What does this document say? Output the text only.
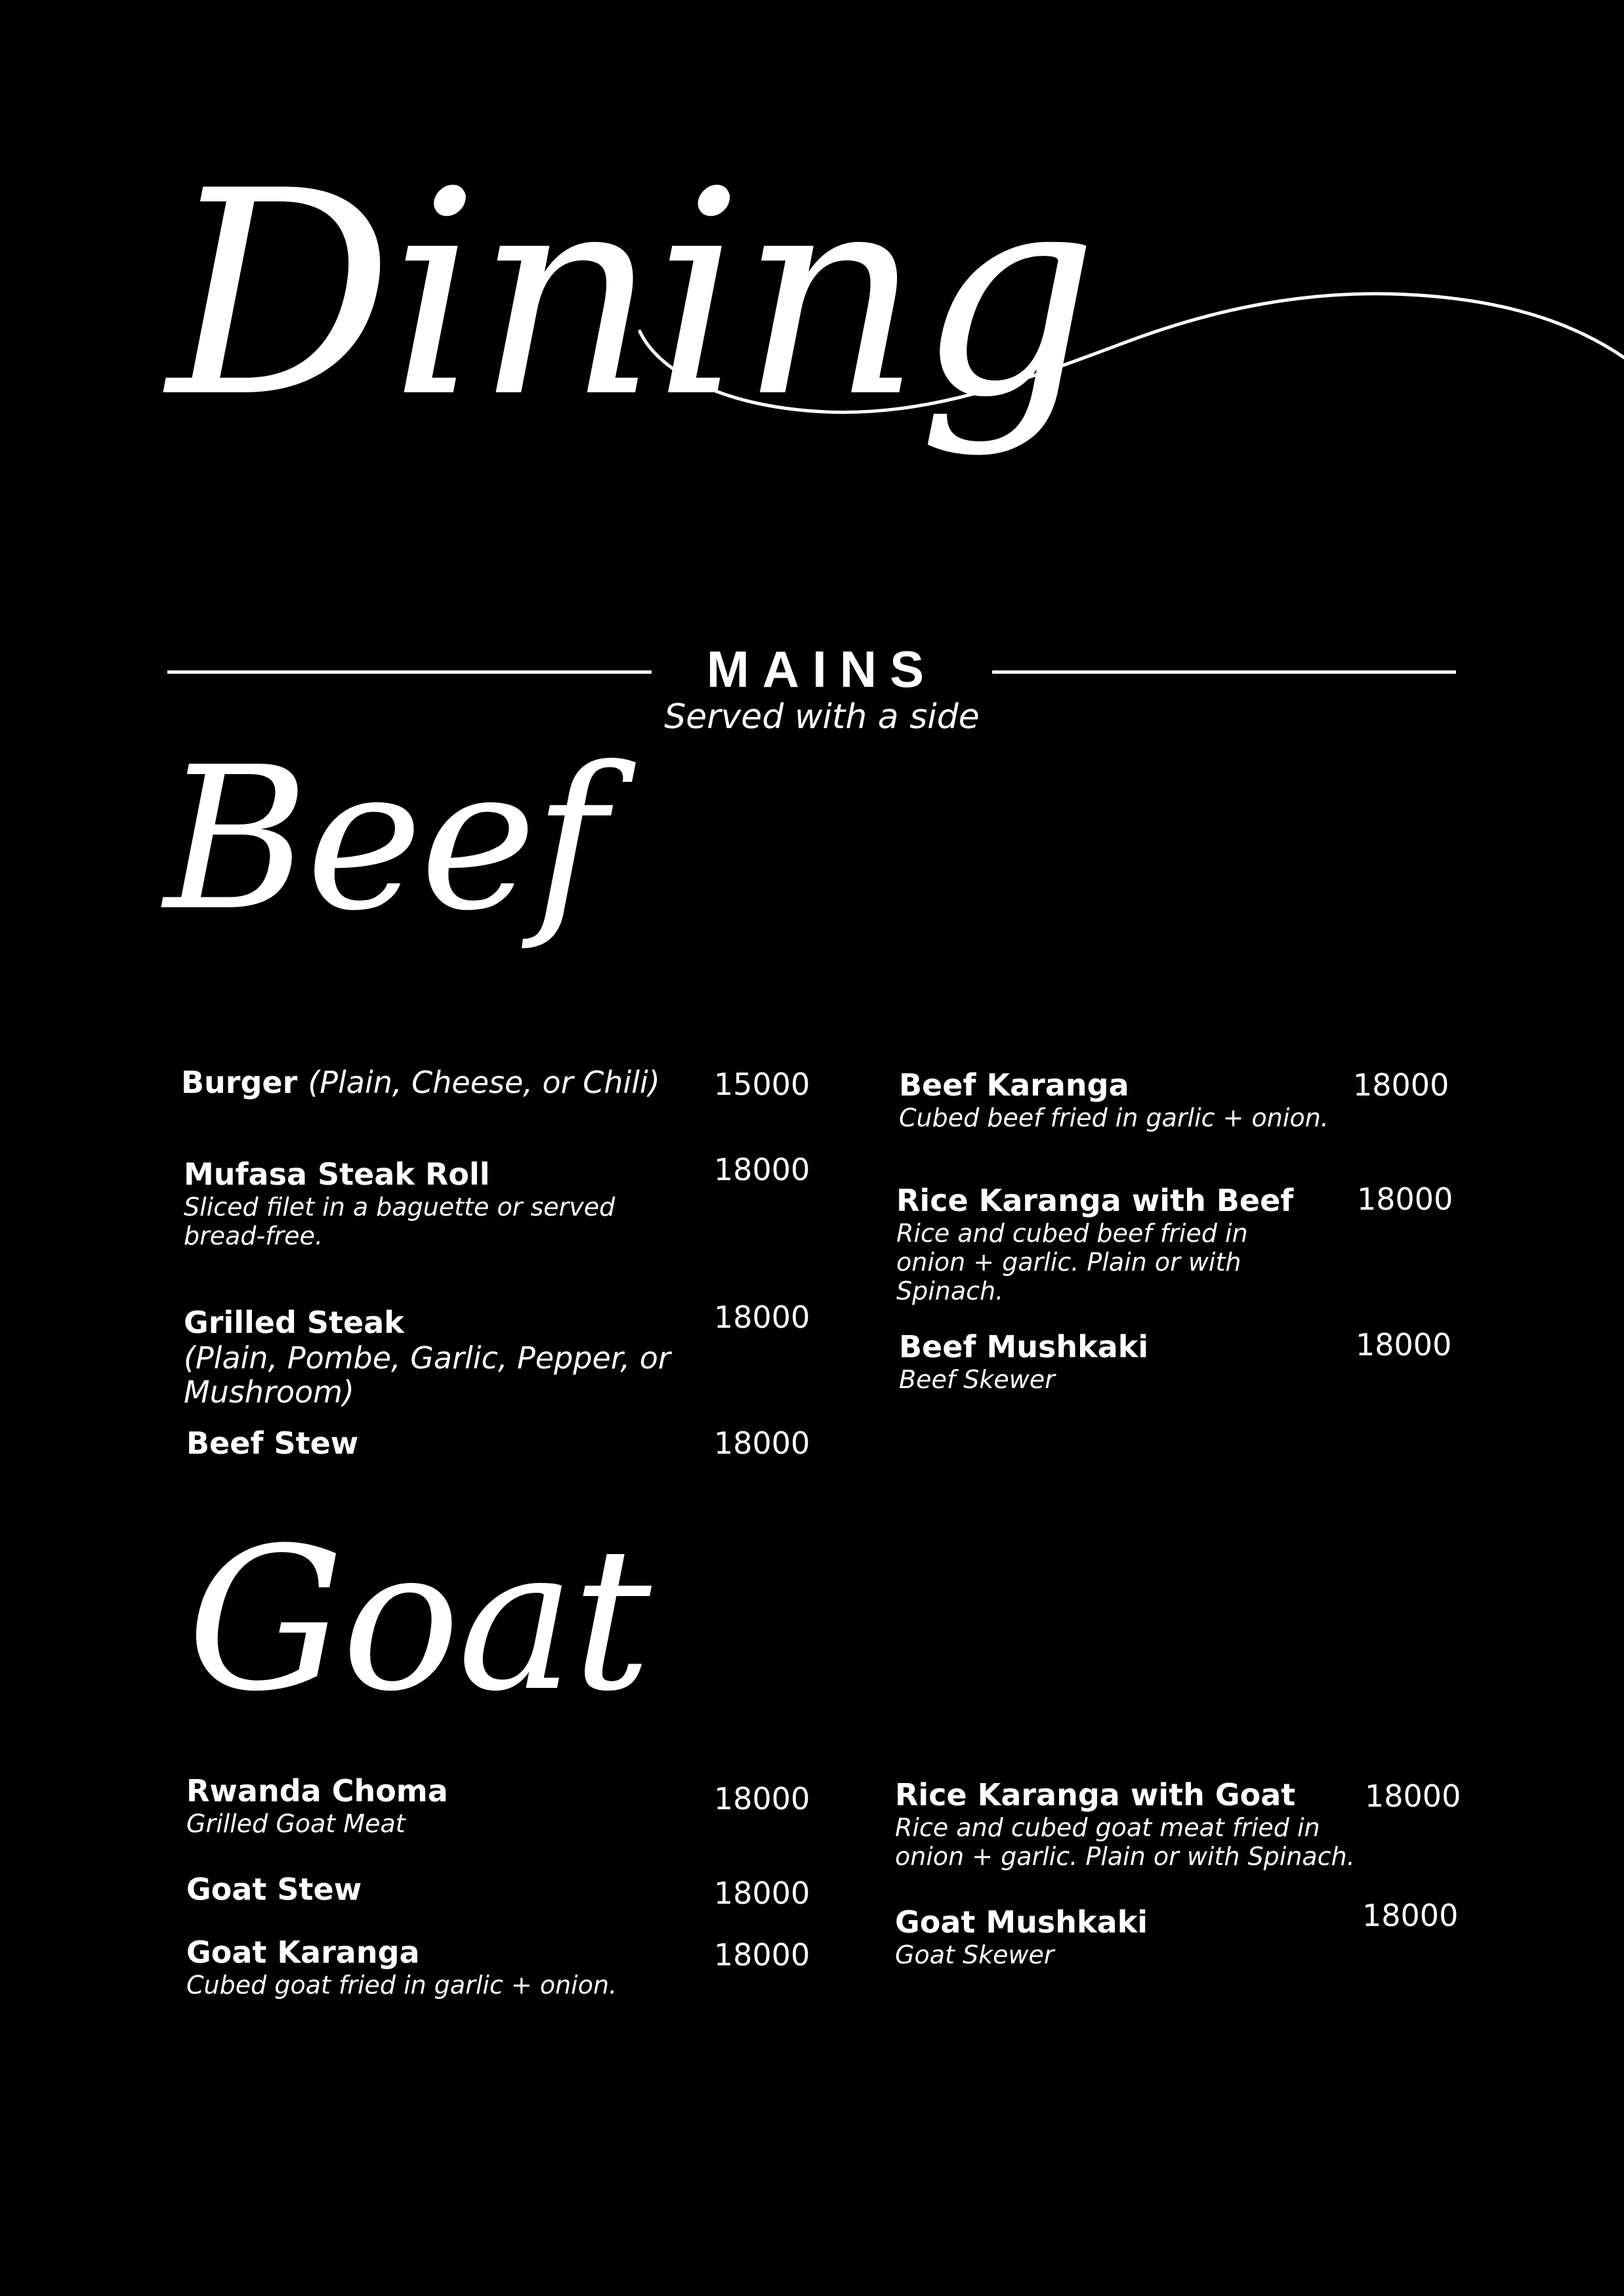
Dining
MAINS
Served with a side
Beef
Burger (Plain, Cheese, or Chili)	15000
Mufasa Steak Roll
Sliced filet in a baguette or served bread-free.
18000
Grilled Steak
(Plain, Pombe, Garlic, Pepper, or Mushroom)
18000
Beef Stew	18000
Beef Karanga
Cubed beef fried in garlic + onion.
18000
Rice Karanga with Beef
Rice and cubed beef fried in onion + garlic. Plain or with Spinach.
18000
Beef Mushkaki
Beef Skewer
18000
Goat
Rwanda Choma
Grilled Goat Meat
18000
Goat Stew	18000
Goat Karanga
Cubed goat fried in garlic + onion.
18000
Rice Karanga with Goat
Rice and cubed goat meat fried in onion + garlic. Plain or with Spinach.
18000
Goat Mushkaki
Goat Skewer
18000
